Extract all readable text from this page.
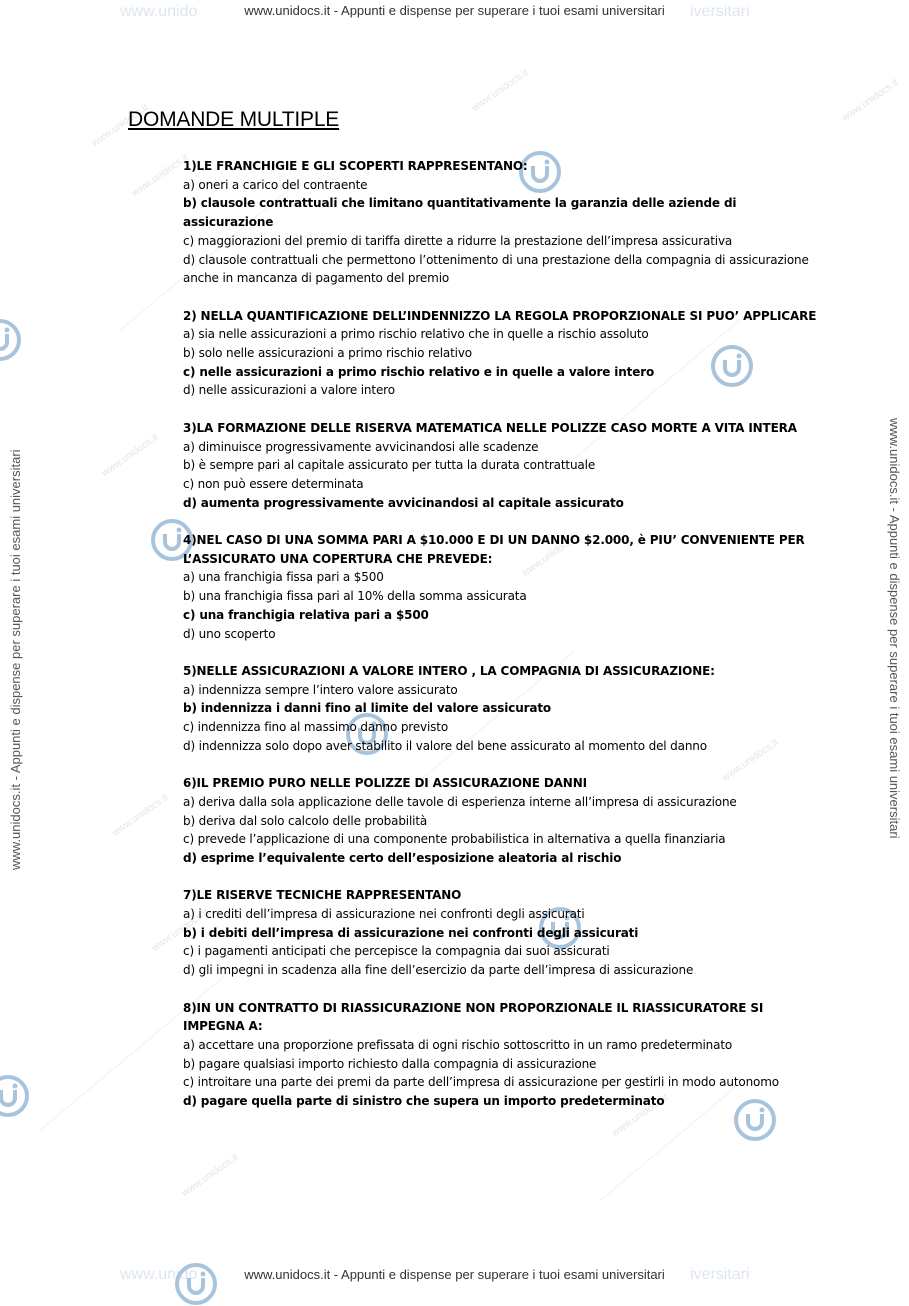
www.unido	iversitari
www.unido	iversitari
www.unidocs.it
www.unidocs.it
www.unidocs.it	www.unidocs.it
www.unidocs.it
www.unidocs.it
www.unidocs.it
www.unidocs.it
www.unidocs.it
www.unidocs.it
www.unidocs.it
www.unidocs.it - Appunti e dispense per superare i tuoi esami universitari
www.unidocs.it - Appunti e dispense per superare i tuoi esami universitari
www.unidocs.it - Appunti e dispense per superare i tuoi esami universitari	www.unidocs.it - Appunti e dispense per superare i tuoi esami universitari
DOMANDE MULTIPLE
1)LE FRANCHIGIE E GLI SCOPERTI RAPPRESENTANO:
a) oneri a carico del contraente
b) clausole contrattuali che limitano quantitativamente la garanzia delle aziende di assicurazione
c) maggiorazioni del premio di tariffa dirette a ridurre la prestazione dell’impresa assicurativa
d) clausole contrattuali che permettono l’ottenimento di una prestazione della compagnia di assicurazione anche in mancanza di pagamento del premio
2) NELLA QUANTIFICAZIONE DELL’INDENNIZZO LA REGOLA PROPORZIONALE SI PUO’ APPLICARE
a) sia nelle assicurazioni a primo rischio relativo che in quelle a rischio assoluto
b) solo nelle assicurazioni a primo rischio relativo
c) nelle assicurazioni a primo rischio relativo e in quelle a valore intero
d) nelle assicurazioni a valore intero
3)LA FORMAZIONE DELLE RISERVA MATEMATICA NELLE POLIZZE CASO MORTE A VITA INTERA
a) diminuisce progressivamente avvicinandosi alle scadenze
b) è sempre pari al capitale assicurato per tutta la durata contrattuale
c) non può essere determinata
d) aumenta progressivamente avvicinandosi al capitale assicurato
4)NEL CASO DI UNA SOMMA PARI A $10.000 E DI UN DANNO $2.000, è PIU’ CONVENIENTE PER L’ASSICURATO UNA COPERTURA CHE PREVEDE:
a) una franchigia fissa pari a $500
b) una franchigia fissa pari al 10% della somma assicurata
c) una franchigia relativa pari a $500
d) uno scoperto
5)NELLE ASSICURAZIONI A VALORE INTERO , LA COMPAGNIA DI ASSICURAZIONE:
a) indennizza sempre l’intero valore assicurato
b) indennizza i danni fino al limite del valore assicurato
c) indennizza fino al massimo danno previsto
d) indennizza solo dopo aver stabilito il valore del bene assicurato al momento del danno
6)IL PREMIO PURO NELLE POLIZZE DI ASSICURAZIONE DANNI
a) deriva dalla sola applicazione delle tavole di esperienza interne all’impresa di assicurazione
b) deriva dal solo calcolo delle probabilità
c) prevede l’applicazione di una componente probabilistica in alternativa a quella finanziaria
d) esprime l’equivalente certo dell’esposizione aleatoria al rischio
7)LE RISERVE TECNICHE RAPPRESENTANO
a) i crediti dell’impresa di assicurazione nei confronti degli assicurati
b) i debiti dell’impresa di assicurazione nei confronti degli assicurati
c) i pagamenti anticipati che percepisce la compagnia dai suoi assicurati
d) gli impegni in scadenza alla fine dell’esercizio da parte dell’impresa di assicurazione
8)IN UN CONTRATTO DI RIASSICURAZIONE NON PROPORZIONALE IL RIASSICURATORE SI IMPEGNA A:
a) accettare una proporzione prefissata di ogni rischio sottoscritto in un ramo predeterminato
b) pagare qualsiasi importo richiesto dalla compagnia di assicurazione
c) introitare una parte dei premi da parte dell’impresa di assicurazione per gestirli in modo autonomo
d) pagare quella parte di sinistro che supera un importo predeterminato
